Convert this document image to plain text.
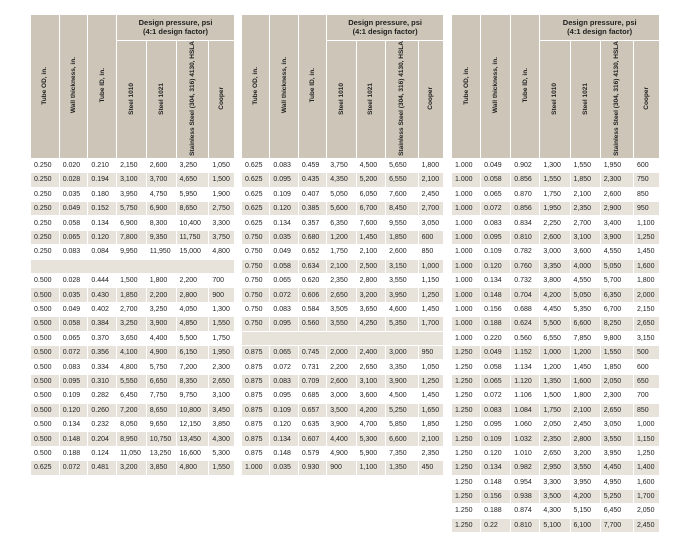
Tube OD, in.	Wall thickness, in.	Tube ID, in.	Design pressure, psi
(4:1 design factor)			
			Steel 1010	Steel 1021	Stainless Steel (304, 316) 4130, HSLA	Cooper
0.250	0.020	0.210	2,150	2,600	3,250	1,050
0.250	0.028	0.194	3,100	3,700	4,650	1,500
0.250	0.035	0.180	3,950	4,750	5,950	1,900
0.250	0.049	0.152	5,750	6,900	8,650	2,750
0.250	0.058	0.134	6,900	8,300	10,400	3,300
0.250	0.065	0.120	7,800	9,350	11,750	3,750
0.250	0.083	0.084	9,950	11,950	15,000	4,800

0.500	0.028	0.444	1,500	1,800	2,200	700
0.500	0.035	0.430	1,850	2,200	2,800	900
0.500	0.049	0.402	2,700	3,250	4,050	1,300
0.500	0.058	0.384	3,250	3,900	4,850	1,550
0.500	0.065	0.370	3,650	4,400	5,500	1,750
0.500	0.072	0.356	4,100	4,900	6,150	1,950
0.500	0.083	0.334	4,800	5,750	7,200	2,300
0.500	0.095	0.310	5,550	6,650	8,350	2,650
0.500	0.109	0.282	6,450	7,750	9,750	3,100
0.500	0.120	0.260	7,200	8,650	10,800	3,450
0.500	0.134	0.232	8,050	9,650	12,150	3,850
0.500	0.148	0.204	8,950	10,750	13,450	4,300
0.500	0.188	0.124	11,050	13,250	16,600	5,300
0.625	0.072	0.481	3,200	3,850	4,800	1,550
Tube OD, in.	Wall thickness, in.	Tube ID, in.	Design pressure, psi
(4:1 design factor)			
			Steel 1010	Steel 1021	Stainless Steel (304, 316) 4130, HSLA	Cooper
0.625	0.083	0.459	3,750	4,500	5,650	1,800
0.625	0.095	0.435	4,350	5,200	6,550	2,100
0.625	0.109	0.407	5,050	6,050	7,600	2,450
0.625	0.120	0.385	5,600	6,700	8,450	2,700
0.625	0.134	0.357	6,350	7,600	9,550	3,050
0.750	0.035	0.680	1,200	1,450	1,850	600
0.750	0.049	0.652	1,750	2,100	2,600	850
0.750	0.058	0.634	2,100	2,500	3,150	1,000
0.750	0.065	0.620	2,350	2,800	3,550	1,150
0.750	0.072	0.606	2,650	3,200	3,950	1,250
0.750	0.083	0.584	3,505	3,650	4,600	1,450
0.750	0.095	0.560	3,550	4,250	5,350	1,700

0.875	0.065	0.745	2,000	2,400	3,000	950
0.875	0.072	0.731	2,200	2,650	3,350	1,050
0.875	0.083	0.709	2,600	3,100	3,900	1,250
0.875	0.095	0.685	3,000	3,600	4,500	1,450
0.875	0.109	0.657	3,500	4,200	5,250	1,650
0.875	0.120	0.635	3,900	4,700	5,850	1,850
0.875	0.134	0.607	4,400	5,300	6,600	2,100
0.875	0.148	0.579	4,900	5,900	7,350	2,350
1.000	0.035	0.930	900	1,100	1,350	450
Tube OD, in.	Wall thickness, in.	Tube ID, in.	Design pressure, psi
(4:1 design factor)			
			Steel 1010	Steel 1021	Stainless Steel (304, 316) 4130, HSLA	Cooper
1.000	0.049	0.902	1,300	1,550	1,950	600
1.000	0.058	0.856	1,550	1,850	2,300	750
1.000	0.065	0.870	1,750	2,100	2,600	850
1.000	0.072	0.856	1,950	2,350	2,900	950
1.000	0.083	0.834	2,250	2,700	3,400	1,100
1.000	0.095	0.810	2,600	3,100	3,900	1,250
1.000	0.109	0.782	3,000	3,600	4,550	1,450
1.000	0.120	0.760	3,350	4,000	5,050	1,600
1.000	0.134	0.732	3,800	4,550	5,700	1,800
1.000	0.148	0.704	4,200	5,050	6,350	2,000
1.000	0.156	0.688	4,450	5,350	6,700	2,150
1.000	0.188	0.624	5,500	6,600	8,250	2,650
1.000	0.220	0.560	6,550	7,850	9,800	3,150
1.250	0.049	1.152	1,000	1,200	1,550	500
1.250	0.058	1.134	1,200	1,450	1,850	600
1.250	0.065	1.120	1,350	1,600	2,050	650
1.250	0.072	1.106	1,500	1,800	2,300	700
1.250	0.083	1.084	1,750	2,100	2,650	850
1.250	0.095	1.060	2,050	2,450	3,050	1,000
1.250	0.109	1.032	2,350	2,800	3,550	1,150
1.250	0.120	1.010	2,650	3,200	3,950	1,250
1.250	0.134	0.982	2,950	3,550	4,450	1,400
1.250	0.148	0.954	3,300	3,950	4,950	1,600
1.250	0.156	0.938	3,500	4,200	5,250	1,700
1.250	0.188	0.874	4,300	5,150	6,450	2,050
1.250	0.22	0.810	5,100	6,100	7,700	2,450
